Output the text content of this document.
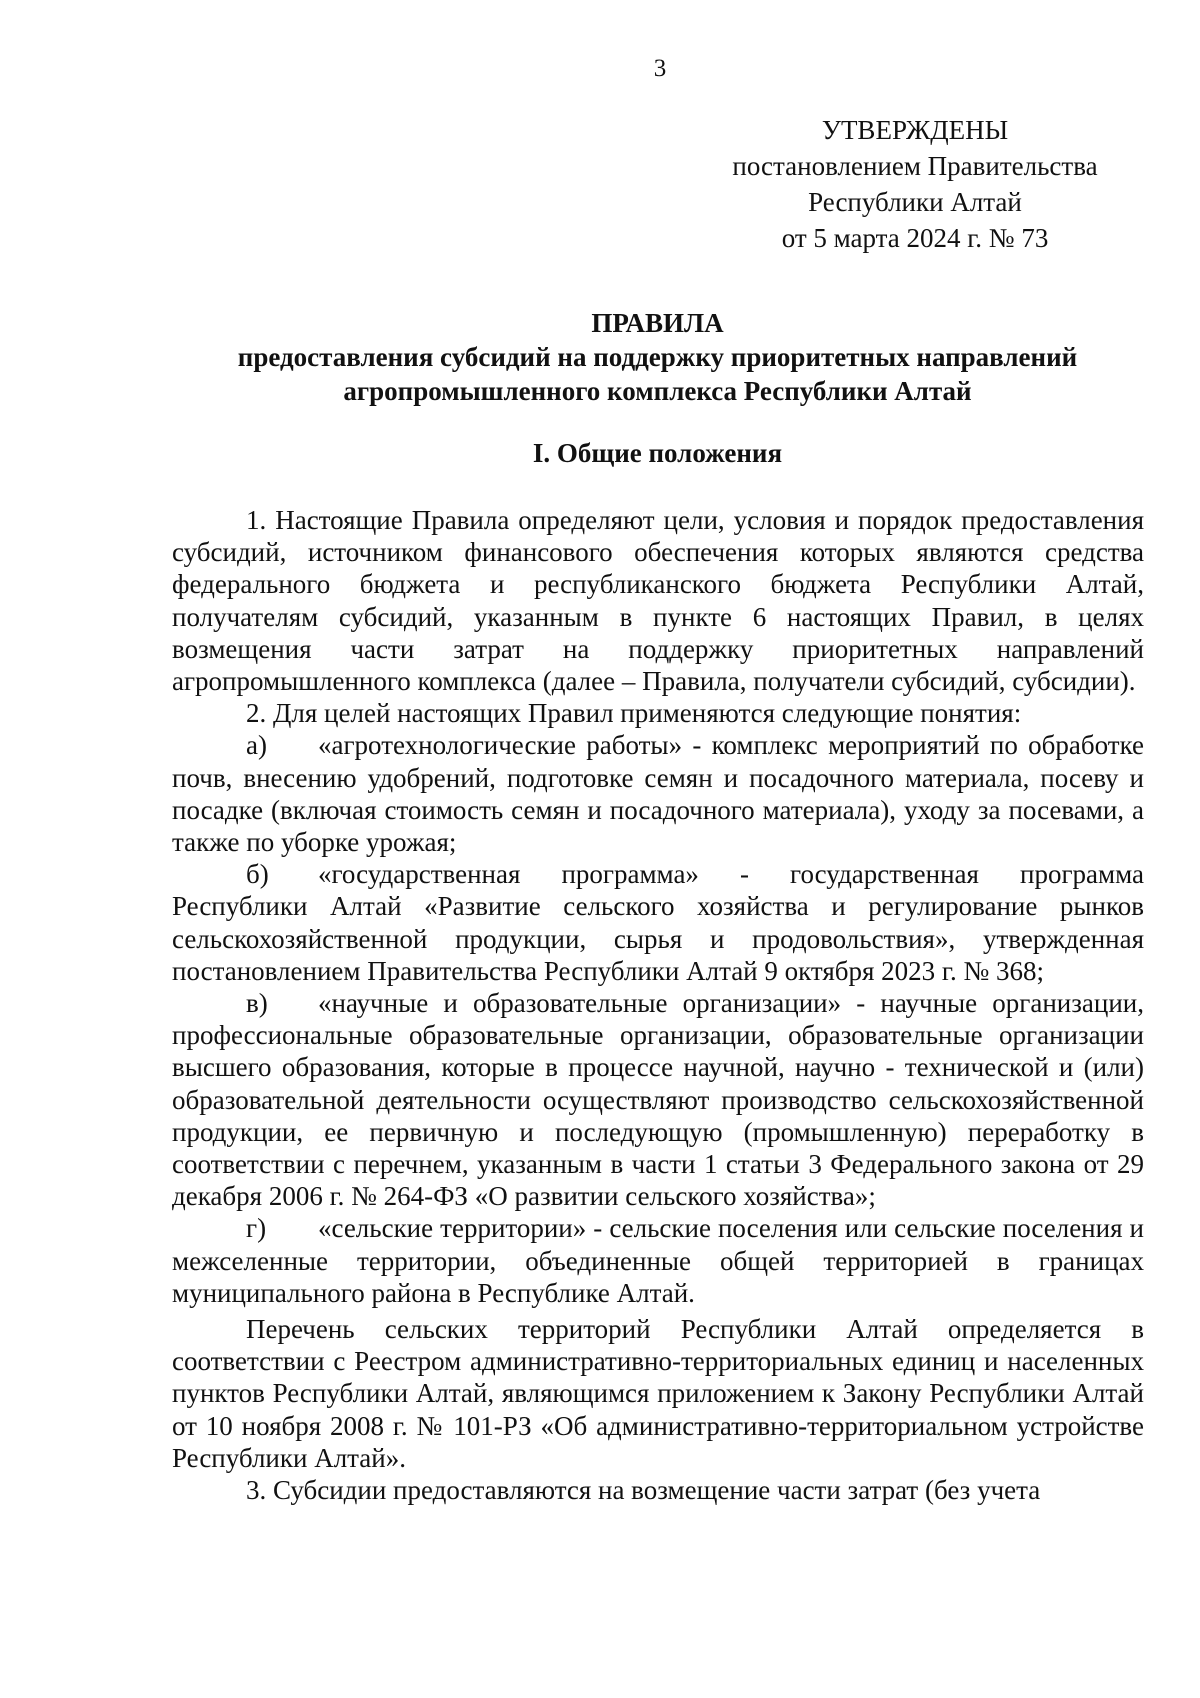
3
УТВЕРЖДЕНЫ
постановлением Правительства
Республики Алтай
от 5 марта 2024 г. № 73
ПРАВИЛА
предоставления субсидий на поддержку приоритетных направлений
агропромышленного комплекса Республики Алтай
I. Общие положения

1. Настоящие Правила определяют цели, условия и порядок предоставления субсидий, источником финансового обеспечения которых являются средства федерального бюджета и республиканского бюджета Республики Алтай, получателям субсидий, указанным в пункте 6 настоящих Правил, в целях возмещения части затрат на поддержку приоритетных направлений агропромышленного комплекса (далее – Правила, получатели субсидий, субсидии).

2. Для целей настоящих Правил применяются следующие понятия:

а) «агротехнологические работы» - комплекс мероприятий по обработке почв, внесению удобрений, подготовке семян и посадочного материала, посеву и посадке (включая стоимость семян и посадочного материала), уходу за посевами, а также по уборке урожая;

б) «государственная программа» - государственная программа Республики Алтай «Развитие сельского хозяйства и регулирование рынков сельскохозяйственной продукции, сырья и продовольствия», утвержденная постановлением Правительства Республики Алтай 9 октября 2023 г. № 368;

в) «научные и образовательные организации» - научные организации, профессиональные образовательные организации, образовательные организации высшего образования, которые в процессе научной, научно - технической и (или) образовательной деятельности осуществляют производство сельскохозяйственной продукции, ее первичную и последующую (промышленную) переработку в соответствии с перечнем, указанным в части 1 статьи 3 Федерального закона от 29 декабря 2006 г. № 264-ФЗ «О развитии сельского хозяйства»;

г) «сельские территории» - сельские поселения или сельские поселения и межселенные территории, объединенные общей территорией в границах муниципального района в Республике Алтай.

Перечень сельских территорий Республики Алтай определяется в соответствии с Реестром административно-территориальных единиц и населенных пунктов Республики Алтай, являющимся приложением к Закону Республики Алтай от 10 ноября 2008 г. № 101-РЗ «Об административно-территориальном устройстве Республики Алтай».

3. Субсидии предоставляются на возмещение части затрат (без учета
